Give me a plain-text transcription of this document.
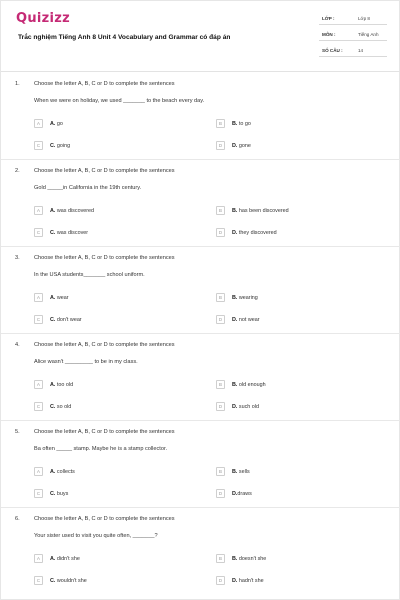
Quizizz
Trắc nghiệm Tiếng Anh 8 Unit 4 Vocabulary and Grammar có đáp án
LỚP :	Lớp 8
MÔN :	Tiếng Anh
SỐ CÂU :	14
1.	Choose the letter A, B, C or D to complete the sentences
When we were on holiday, we used _______ to the beach every day.
A	A. go	B	B. to go
C	C. going	D	D. gone
2.	Choose the letter A, B, C or D to complete the sentences
Gold _____in California in the 19th century.
A	A. was discovered	B	B. has been discovered
C	C. was discover	D	D. they discovered
3.	Choose the letter A, B, C or D to complete the sentences
In the USA students_______ school uniform.
A	A. wear	B	B. wearing
C	C. don't wear	D	D. not wear
4.	Choose the letter A, B, C or D to complete the sentences
Alice wasn't _________ to be in my class.
A	A. too old	B	B. old enough
C	C. so old	D	D. such old
5.	Choose the letter A, B, C or D to complete the sentences
Ba often _____ stamp. Maybe he is a stamp collector.
A	A. collects	B	B. sells
C	C. buys	D	D.draws
6.	Choose the letter A, B, C or D to complete the sentences
Your sister used to visit you quite often, _______?
A	A. didn't she	B	B. doesn't she
C	C. wouldn't she	D	D. hadn't she
